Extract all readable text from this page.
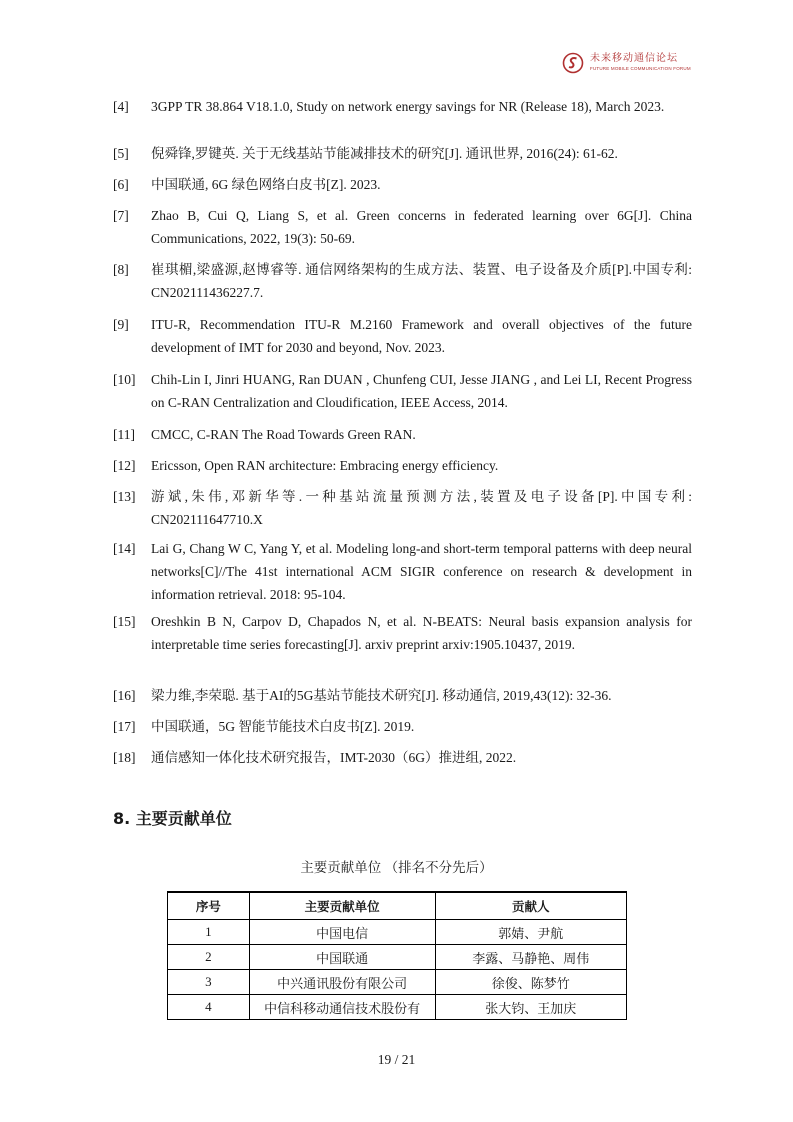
未来移动通信论坛
FUTURE MOBILE COMMUNICATION FORUM
[4]	3GPP TR 38.864 V18.1.0, Study on network energy savings for NR (Release 18), March 2023.
[5]	倪舜锋,罗键英. 关于无线基站节能减排技术的研究[J]. 通讯世界, 2016(24): 61-62.
[6]	中国联通, 6G 绿色网络白皮书[Z]. 2023.
[7]	Zhao B, Cui Q, Liang S, et al. Green concerns in federated learning over 6G[J]. China Communications, 2022, 19(3): 50-69.
[8]	崔琪楣,梁盛源,赵博睿等. 通信网络架构的生成方法、装置、电子设备及介质[P].中国专利: CN202111436227.7.
[9]	ITU-R, Recommendation ITU-R M.2160 Framework and overall objectives of the future development of IMT for 2030 and beyond, Nov. 2023.
[10]	Chih-Lin I, Jinri HUANG, Ran DUAN , Chunfeng CUI, Jesse JIANG , and Lei LI, Recent Progress on C-RAN Centralization and Cloudification, IEEE Access, 2014.
[11]	CMCC, C-RAN The Road Towards Green RAN.
[12]	Ericsson, Open RAN architecture: Embracing energy efficiency.
[13]	游斌,朱伟,邓新华等.一种基站流量预测方法,装置及电子设备[P].中国专利: CN202111647710.X
[14]	Lai G, Chang W C, Yang Y, et al. Modeling long-and short-term temporal patterns with deep neural networks[C]//The 41st international ACM SIGIR conference on research & development in information retrieval. 2018: 95-104.
[15]	Oreshkin B N, Carpov D, Chapados N, et al. N-BEATS: Neural basis expansion analysis for interpretable time series forecasting[J]. arxiv preprint arxiv:1905.10437, 2019.
[16]	梁力维,李荣聪. 基于AI的5G基站节能技术研究[J]. 移动通信, 2019,43(12): 32-36.
[17]	中国联通，5G 智能节能技术白皮书[Z]. 2019.
[18]	通信感知一体化技术研究报告，IMT-2030（6G）推进组, 2022.
8. 主要贡献单位
主要贡献单位 （排名不分先后）
序号	主要贡献单位	贡献人
1	中国电信	郭婧、尹航
2	中国联通	李露、马静艳、周伟
3	中兴通讯股份有限公司	徐俊、陈梦竹
4	中信科移动通信技术股份有	张大钧、王加庆
19 / 21
